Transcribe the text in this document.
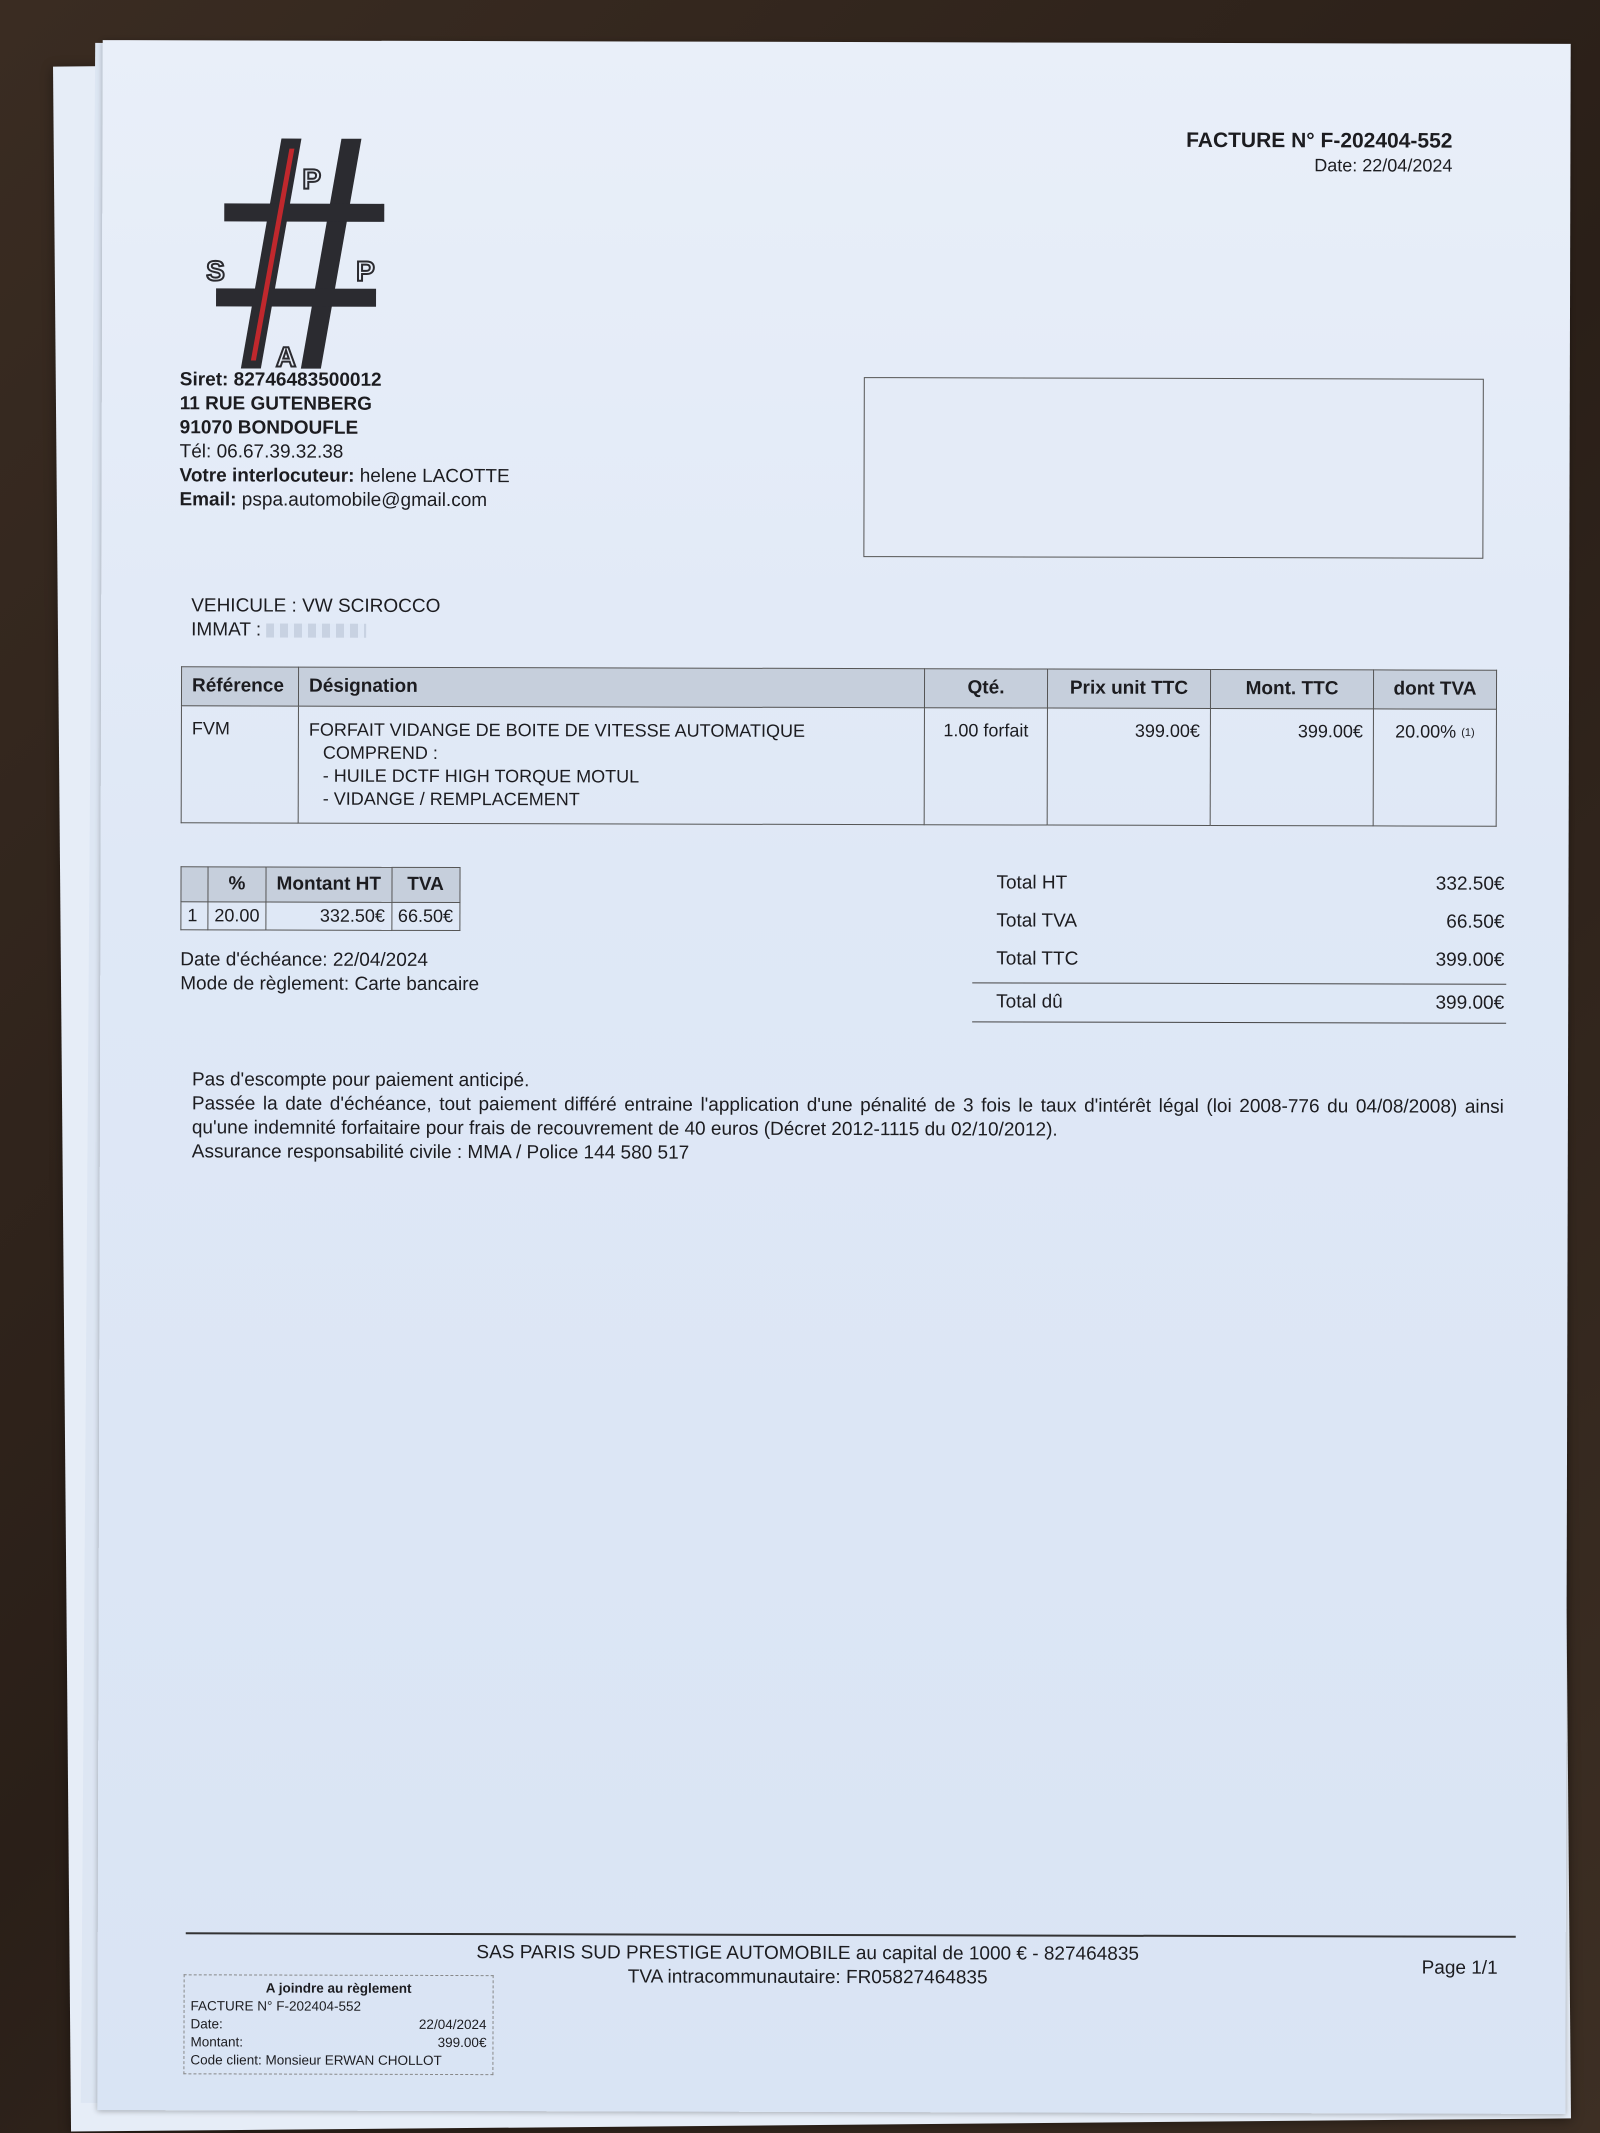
P
S	P
A
FACTURE N° F-202404-552
Date: 22/04/2024
Siret: 82746483500012
11 RUE GUTENBERG
91070 BONDOUFLE
Tél: 06.67.39.32.38
Votre interlocuteur: helene LACOTTE
Email: pspa.automobile@gmail.com
VEHICULE : VW SCIROCCO
IMMAT :
Référence	Désignation	Qté.	Prix unit TTC	Mont. TTC	dont TVA
FVM	FORFAIT VIDANGE DE BOITE DE VITESSE AUTOMATIQUE
COMPREND :
- HUILE DCTF HIGH TORQUE MOTUL
- VIDANGE / REMPLACEMENT	1.00 forfait	399.00€	399.00€	20.00% (1)
	%	Montant HT	TVA
1	20.00	332.50€	66.50€
Date d'échéance: 22/04/2024
Mode de règlement: Carte bancaire
Total HT	332.50€
Total TVA	66.50€
Total TTC	399.00€
Total dû	399.00€
Pas d'escompte pour paiement anticipé.
Passée la date d'échéance, tout paiement différé entraine l'application d'une pénalité de 3 fois le taux d'intérêt légal (loi 2008-776 du 04/08/2008) ainsi qu'une indemnité forfaitaire pour frais de recouvrement de 40 euros (Décret 2012-1115 du 02/10/2012).
Assurance responsabilité civile : MMA / Police 144 580 517
SAS PARIS SUD PRESTIGE AUTOMOBILE au capital de 1000 € - 827464835
TVA intracommunautaire: FR05827464835	Page 1/1
A joindre au règlement
FACTURE N° F-202404-552
Date:	22/04/2024
Montant:	399.00€
Code client: Monsieur ERWAN CHOLLOT
